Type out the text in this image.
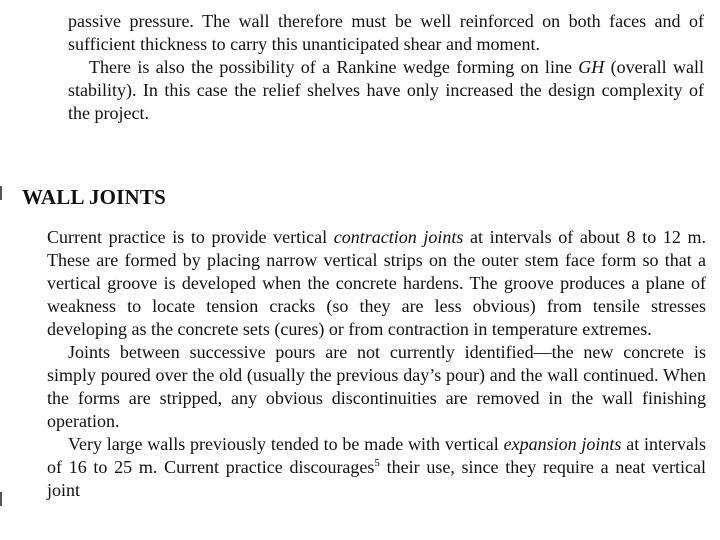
passive pressure. The wall therefore must be well reinforced on both faces and of sufficient thickness to carry this unanticipated shear and moment.

There is also the possibility of a Rankine wedge forming on line GH (overall wall stability). In this case the relief shelves have only increased the design complexity of the project.

WALL JOINTS

Current practice is to provide vertical contraction joints at intervals of about 8 to 12 m. These are formed by placing narrow vertical strips on the outer stem face form so that a vertical groove is developed when the concrete hardens. The groove produces a plane of weakness to locate tension cracks (so they are less obvious) from tensile stresses developing as the concrete sets (cures) or from contraction in temperature extremes.

Joints between successive pours are not currently identified—the new concrete is simply poured over the old (usually the previous day’s pour) and the wall continued. When the forms are stripped, any obvious discontinuities are removed in the wall finishing operation.

Very large walls previously tended to be made with vertical expansion joints at intervals of 16 to 25 m. Current practice discourages$^5$ their use, since they require a neat vertical joint
